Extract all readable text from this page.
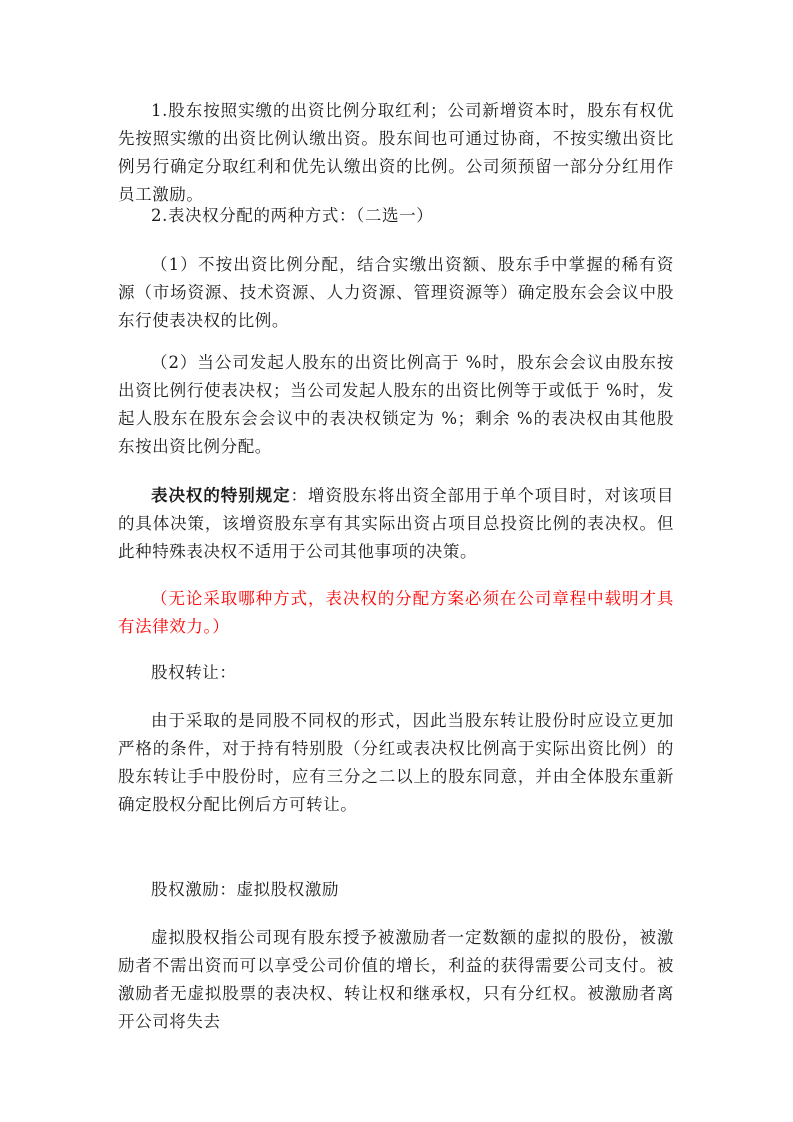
1.股东按照实缴的出资比例分取红利；公司新增资本时，股东有权优先按照实缴的出资比例认缴出资。股东间也可通过协商，不按实缴出资比例另行确定分取红利和优先认缴出资的比例。公司须预留一部分分红用作员工激励。

2.表决权分配的两种方式：（二选一）

（1）不按出资比例分配，结合实缴出资额、股东手中掌握的稀有资源（市场资源、技术资源、人力资源、管理资源等）确定股东会会议中股东行使表决权的比例。

（2）当公司发起人股东的出资比例高于 %时，股东会会议由股东按出资比例行使表决权；当公司发起人股东的出资比例等于或低于 %时，发起人股东在股东会会议中的表决权锁定为 %；剩余 %的表决权由其他股东按出资比例分配。

表决权的特别规定：增资股东将出资全部用于单个项目时，对该项目的具体决策，该增资股东享有其实际出资占项目总投资比例的表决权。但此种特殊表决权不适用于公司其他事项的决策。

（无论采取哪种方式，表决权的分配方案必须在公司章程中载明才具有法律效力。）

股权转让：

由于采取的是同股不同权的形式，因此当股东转让股份时应设立更加严格的条件，对于持有特别股（分红或表决权比例高于实际出资比例）的股东转让手中股份时，应有三分之二以上的股东同意，并由全体股东重新确定股权分配比例后方可转让。

股权激励：虚拟股权激励

虚拟股权指公司现有股东授予被激励者一定数额的虚拟的股份，被激励者不需出资而可以享受公司价值的增长，利益的获得需要公司支付。被激励者无虚拟股票的表决权、转让权和继承权，只有分红权。被激励者离开公司将失去
